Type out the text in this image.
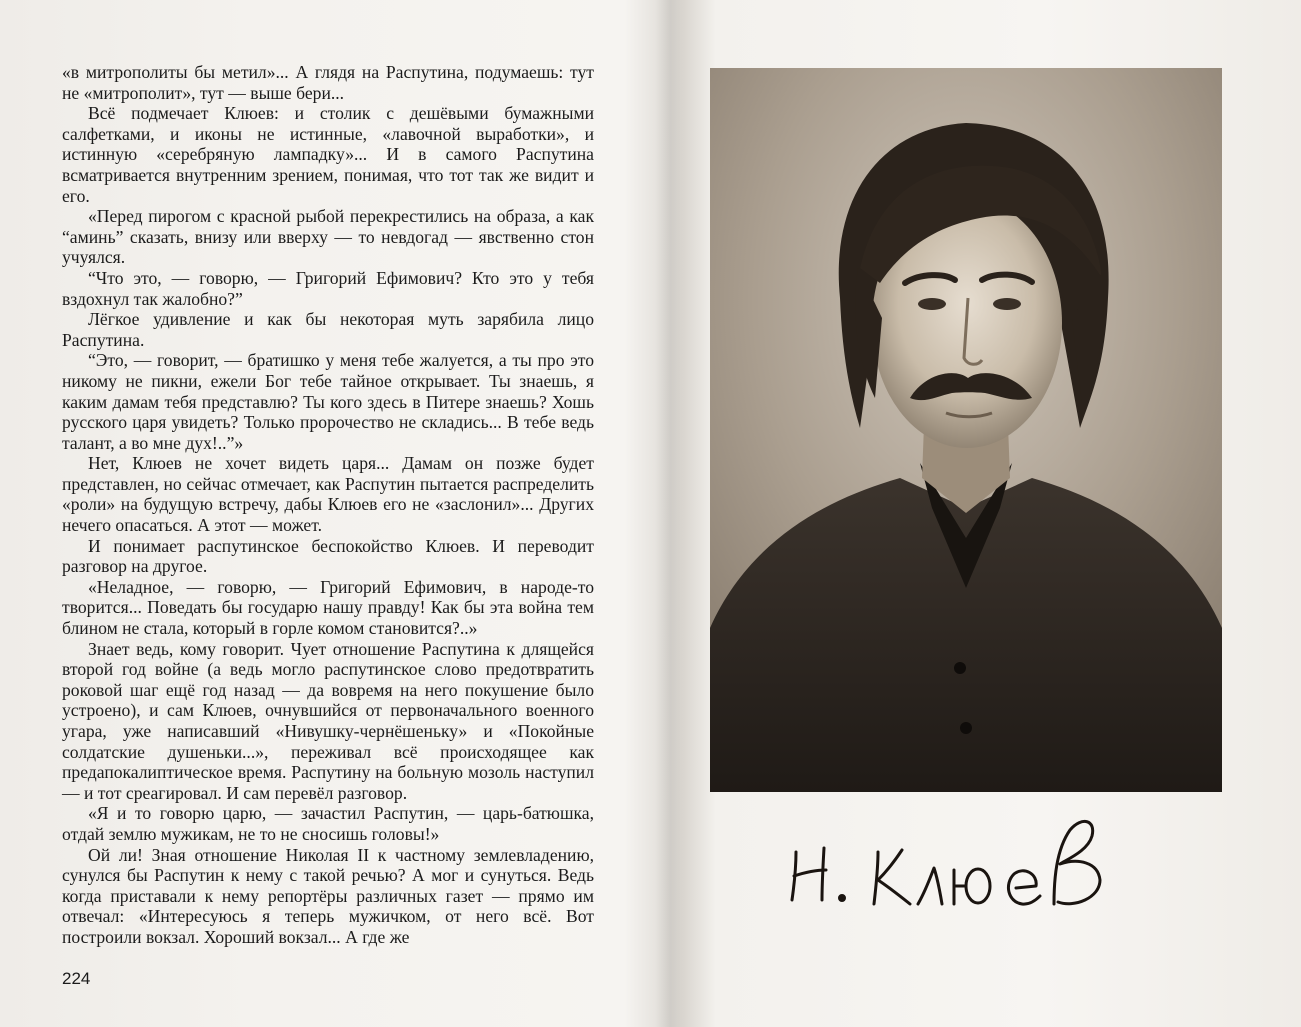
«в митрополиты бы метил»... А глядя на Распутина, подумаешь: тут не «митрополит», тут — выше бери...

Всё подмечает Клюев: и столик с дешёвыми бумажными салфетками, и иконы не истинные, «лавочной выработки», и истинную «серебряную лампадку»... И в самого Распутина всматривается внутренним зрением, понимая, что тот так же видит и его.

«Перед пирогом с красной рыбой перекрестились на образа, а как “аминь” сказать, внизу или вверху — то невдогад — явственно стон учуялся.

“Что это, — говорю, — Григорий Ефимович? Кто это у тебя вздохнул так жалобно?”

Лёгкое удивление и как бы некоторая муть зарябила лицо Распутина.

“Это, — говорит, — братишко у меня тебе жалуется, а ты про это никому не пикни, ежели Бог тебе тайное открывает. Ты знаешь, я каким дамам тебя представлю? Ты кого здесь в Питере знаешь? Хошь русского царя увидеть? Только пророчество не складись... В тебе ведь талант, а во мне дух!..”»

Нет, Клюев не хочет видеть царя... Дамам он позже будет представлен, но сейчас отмечает, как Распутин пытается распределить «роли» на будущую встречу, дабы Клюев его не «заслонил»... Других нечего опасаться. А этот — может.

И понимает распутинское беспокойство Клюев. И переводит разговор на другое.

«Неладное, — говорю, — Григорий Ефимович, в народе-то творится... Поведать бы государю нашу правду! Как бы эта война тем блином не стала, который в горле комом становится?..»

Знает ведь, кому говорит. Чует отношение Распутина к длящейся второй год войне (а ведь могло распутинское слово предотвратить роковой шаг ещё год назад — да вовремя на него покушение было устроено), и сам Клюев, очнувшийся от первоначального военного угара, уже написавший «Нивушку-чернёшеньку» и «Покойные солдатские душеньки...», переживал всё происходящее как предапокалиптическое время. Распутину на больную мозоль наступил — и тот среагировал. И сам перевёл разговор.

«Я и то говорю царю, — зачастил Распутин, — царь-батюшка, отдай землю мужикам, не то не сносишь головы!»

Ой ли! Зная отношение Николая II к частному землевладению, сунулся бы Распутин к нему с такой речью? А мог и сунуться. Ведь когда приставали к нему репортёры различных газет — прямо им отвечал: «Интересуюсь я теперь мужичком, от него всё. Вот построили вокзал. Хороший вокзал... А где же

224
